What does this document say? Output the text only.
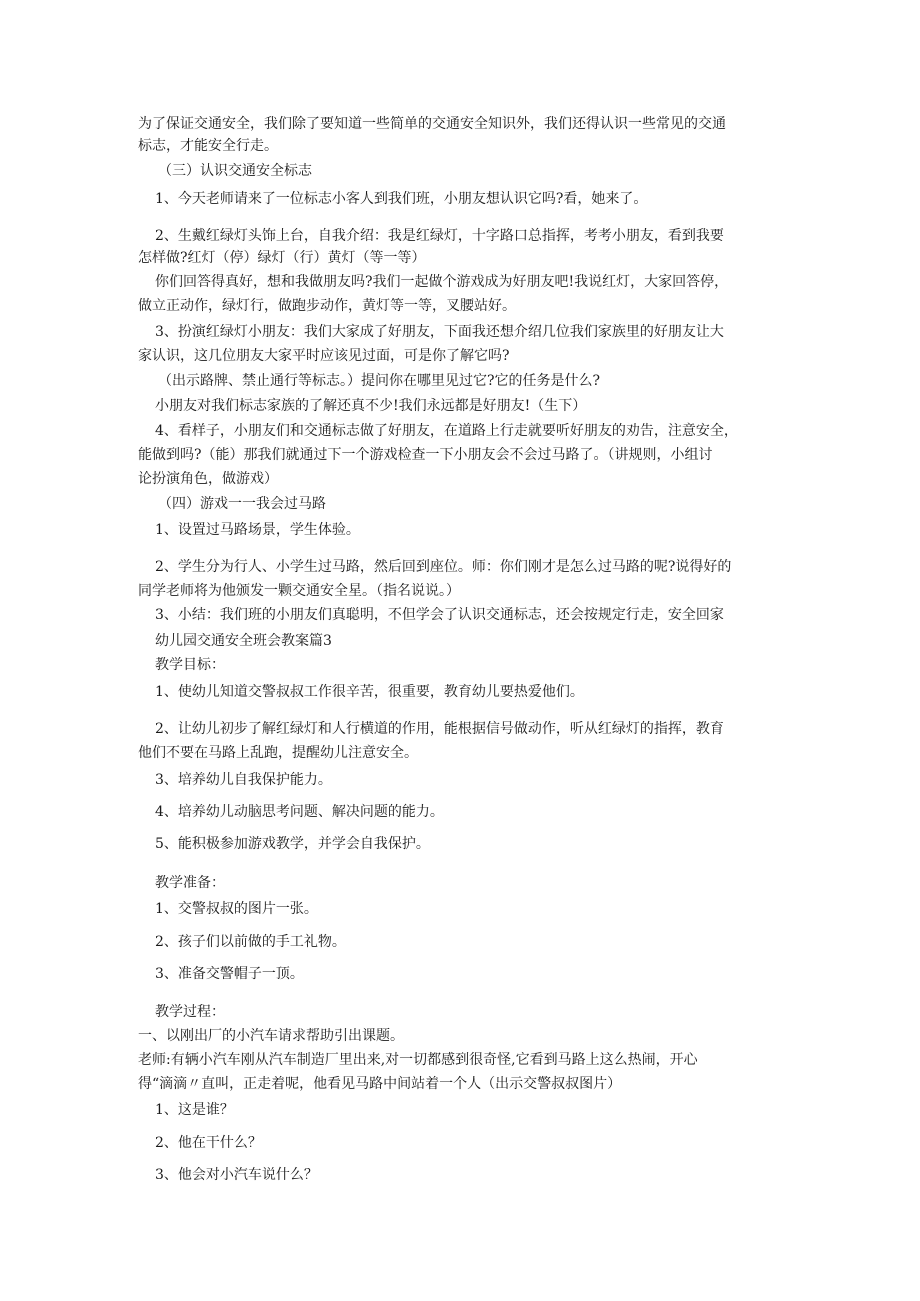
为了保证交通安全，我们除了要知道一些简单的交通安全知识外，我们还得认识一些常见的交通
标志，才能安全行走。
（三）认识交通安全标志
1、今天老师请来了一位标志小客人到我们班，小朋友想认识它吗?看，她来了。
2、生戴红绿灯头饰上台，自我介绍：我是红绿灯，十字路口总指挥，考考小朋友，看到我要
怎样做?红灯（停）绿灯（行）黄灯（等一等）
你们回答得真好，想和我做朋友吗?我们一起做个游戏成为好朋友吧!我说红灯，大家回答停，
做立正动作，绿灯行，做跑步动作，黄灯等一等，叉腰站好。
3、扮演红绿灯小朋友：我们大家成了好朋友，下面我还想介绍几位我们家族里的好朋友让大
家认识，这几位朋友大家平时应该见过面，可是你了解它吗?
（出示路牌、禁止通行等标志。）提问你在哪里见过它?它的任务是什么?
小朋友对我们标志家族的了解还真不少!我们永远都是好朋友!（生下）
4、看样子，小朋友们和交通标志做了好朋友，在道路上行走就要听好朋友的劝告，注意安全，
能做到吗?（能）那我们就通过下一个游戏检查一下小朋友会不会过马路了。（讲规则，小组讨
论扮演角色，做游戏）
（四）游戏一一我会过马路
1、设置过马路场景，学生体验。
2、学生分为行人、小学生过马路，然后回到座位。师：你们刚才是怎么过马路的呢?说得好的
同学老师将为他颁发一颗交通安全星。（指名说说。）
3、小结：我们班的小朋友们真聪明，不但学会了认识交通标志，还会按规定行走，安全回家
幼儿园交通安全班会教案篇3
教学目标：
1、使幼儿知道交警叔叔工作很辛苦，很重要，教育幼儿要热爱他们。
2、让幼儿初步了解红绿灯和人行横道的作用，能根据信号做动作，听从红绿灯的指挥，教育
他们不要在马路上乱跑，提醒幼儿注意安全。
3、培养幼儿自我保护能力。
4、培养幼儿动脑思考问题、解决问题的能力。
5、能积极参加游戏教学，并学会自我保护。
教学准备：
1、交警叔叔的图片一张。
2、孩子们以前做的手工礼物。
3、准备交警帽子一顶。
教学过程：
一、以刚出厂的小汽车请求帮助引出课题。
老师:有辆小汽车刚从汽车制造厂里出来,对一切都感到很奇怪,它看到马路上这么热闹，开心
得“滴滴〃直叫，正走着呢，他看见马路中间站着一个人（出示交警叔叔图片）
1、这是谁？
2、他在干什么？
3、他会对小汽车说什么？
